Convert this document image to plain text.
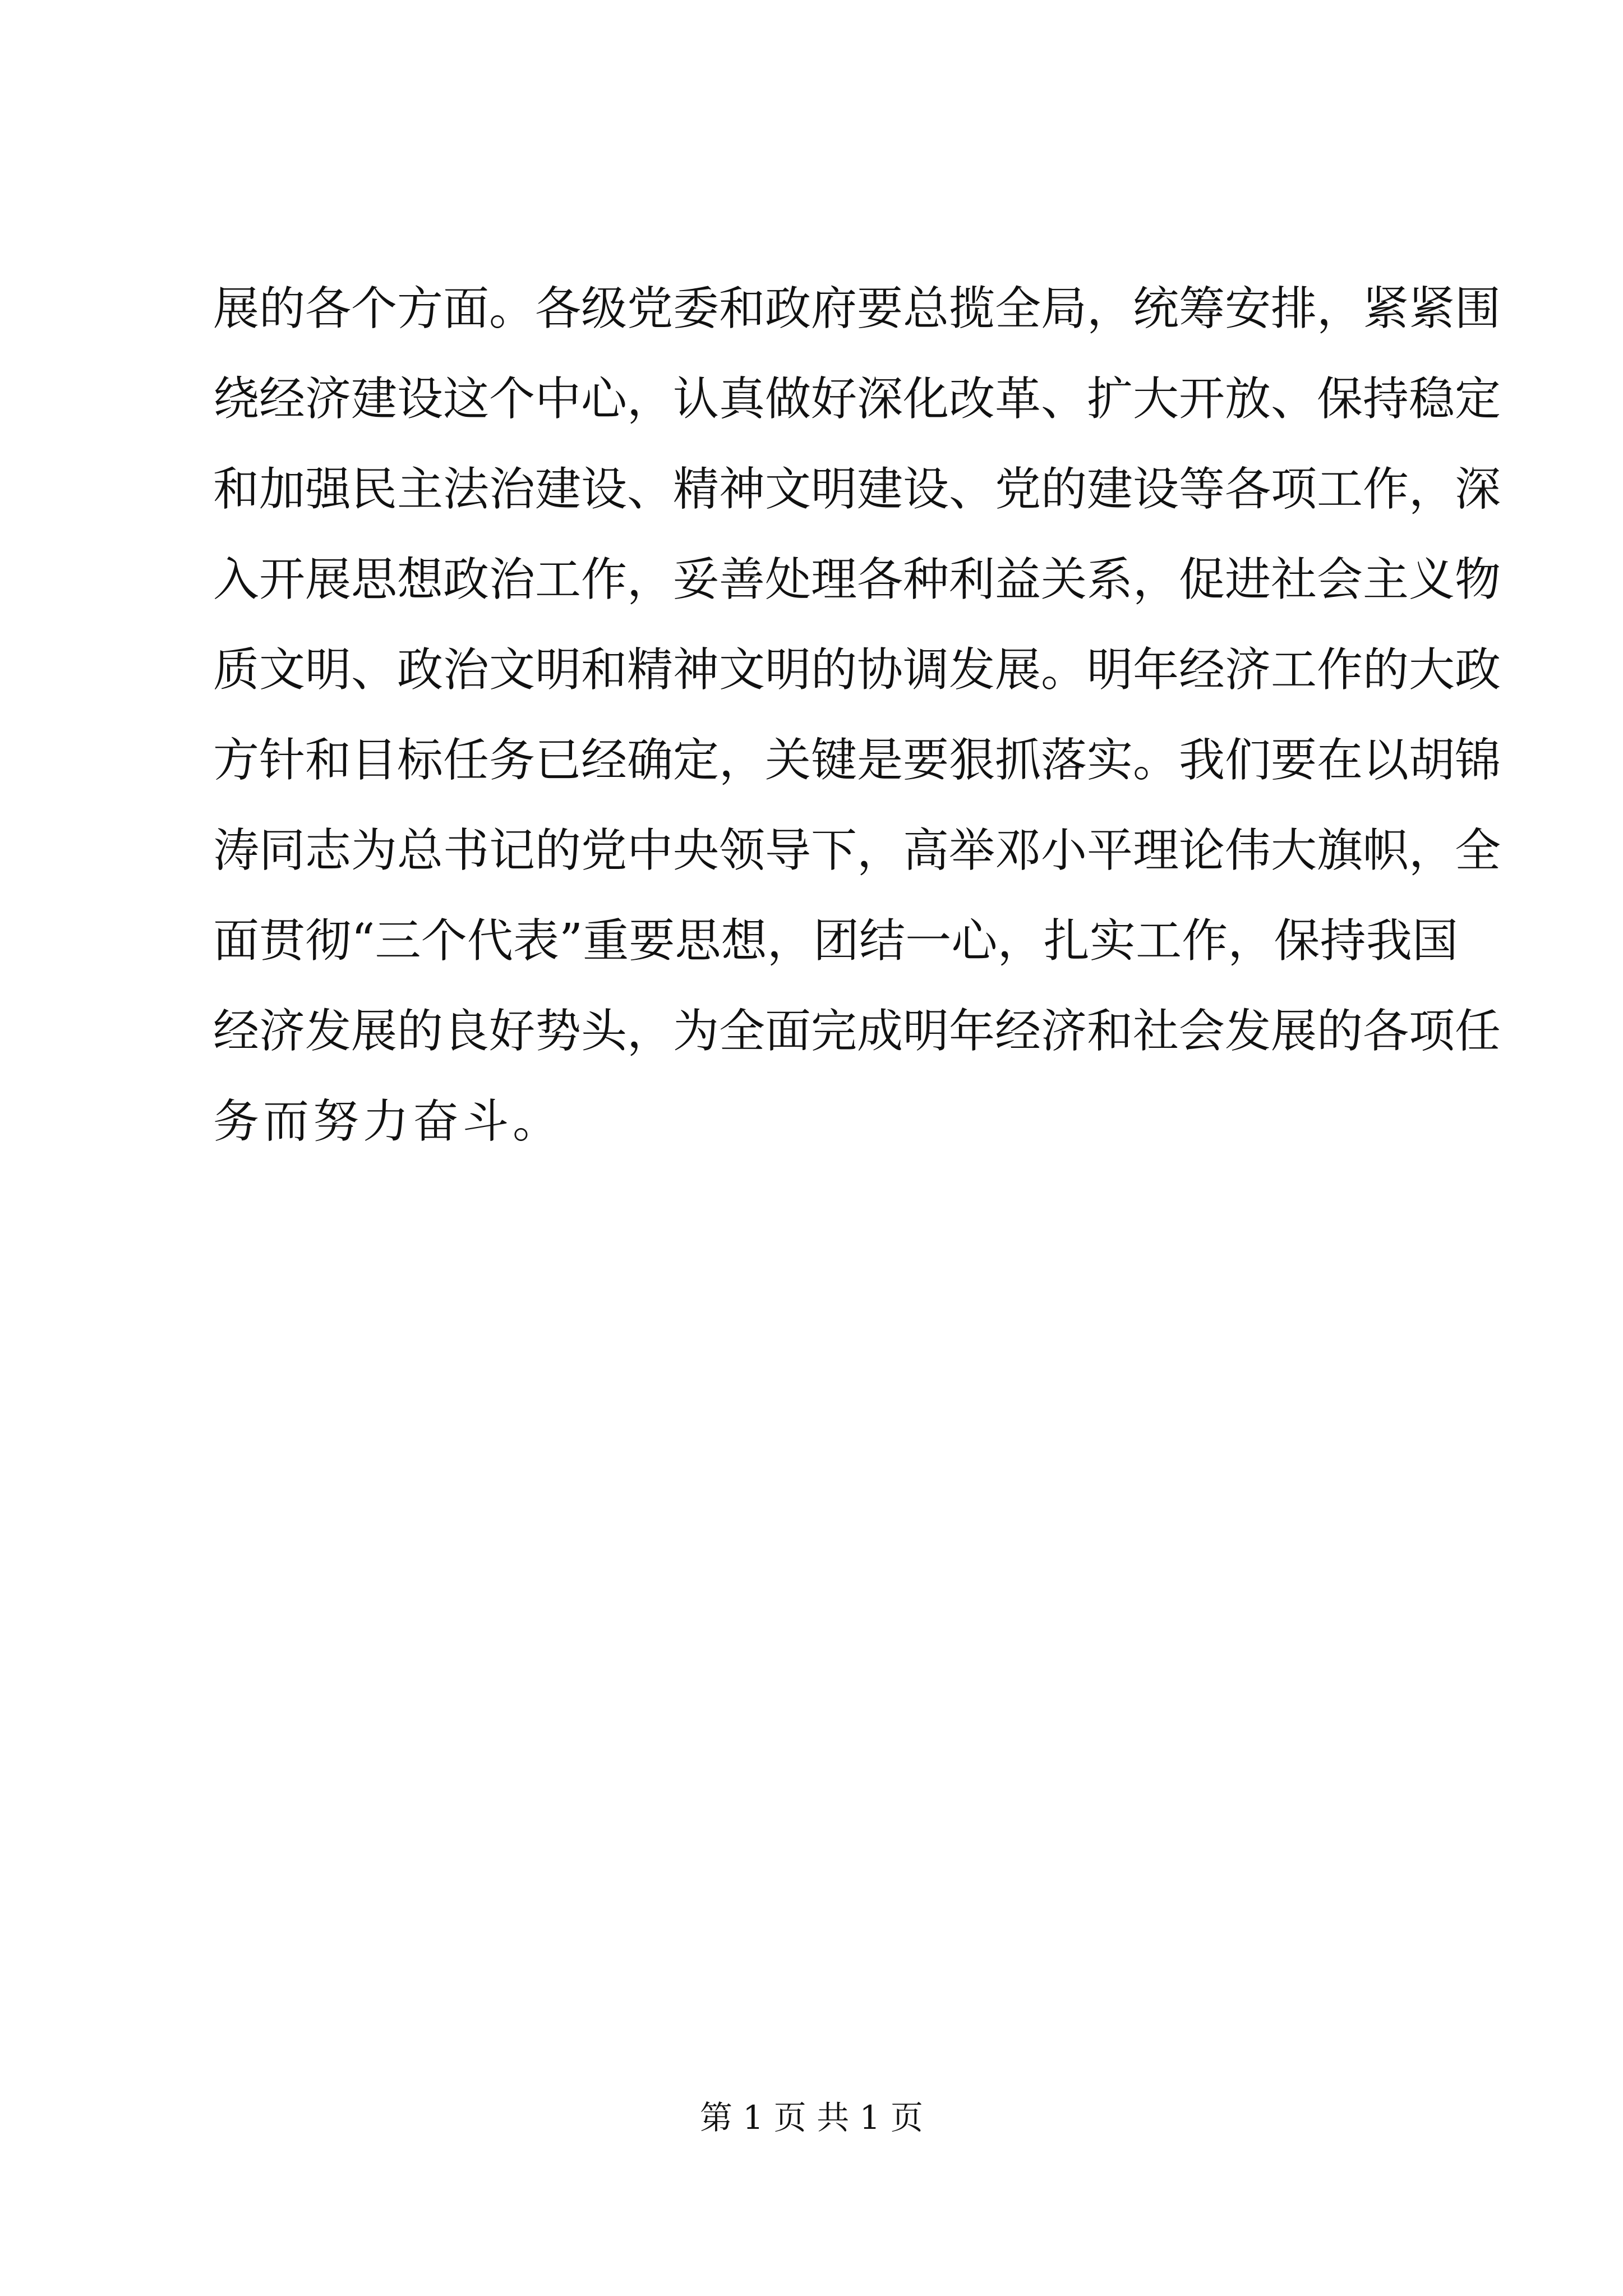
展的各个方面。各级党委和政府要总揽全局，统筹安排，紧紧围
绕经济建设这个中心，认真做好深化改革、扩大开放、保持稳定
和加强民主法治建设、精神文明建设、党的建设等各项工作，深
入开展思想政治工作，妥善处理各种利益关系，促进社会主义物
质文明、政治文明和精神文明的协调发展。明年经济工作的大政
方针和目标任务已经确定，关键是要狠抓落实。我们要在以胡锦
涛同志为总书记的党中央领导下，高举邓小平理论伟大旗帜，全
面贯彻“三个代表”重要思想，团结一心，扎实工作，保持我国
经济发展的良好势头，为全面完成明年经济和社会发展的各项任
务而努力奋斗。
第 1 页 共 1 页
